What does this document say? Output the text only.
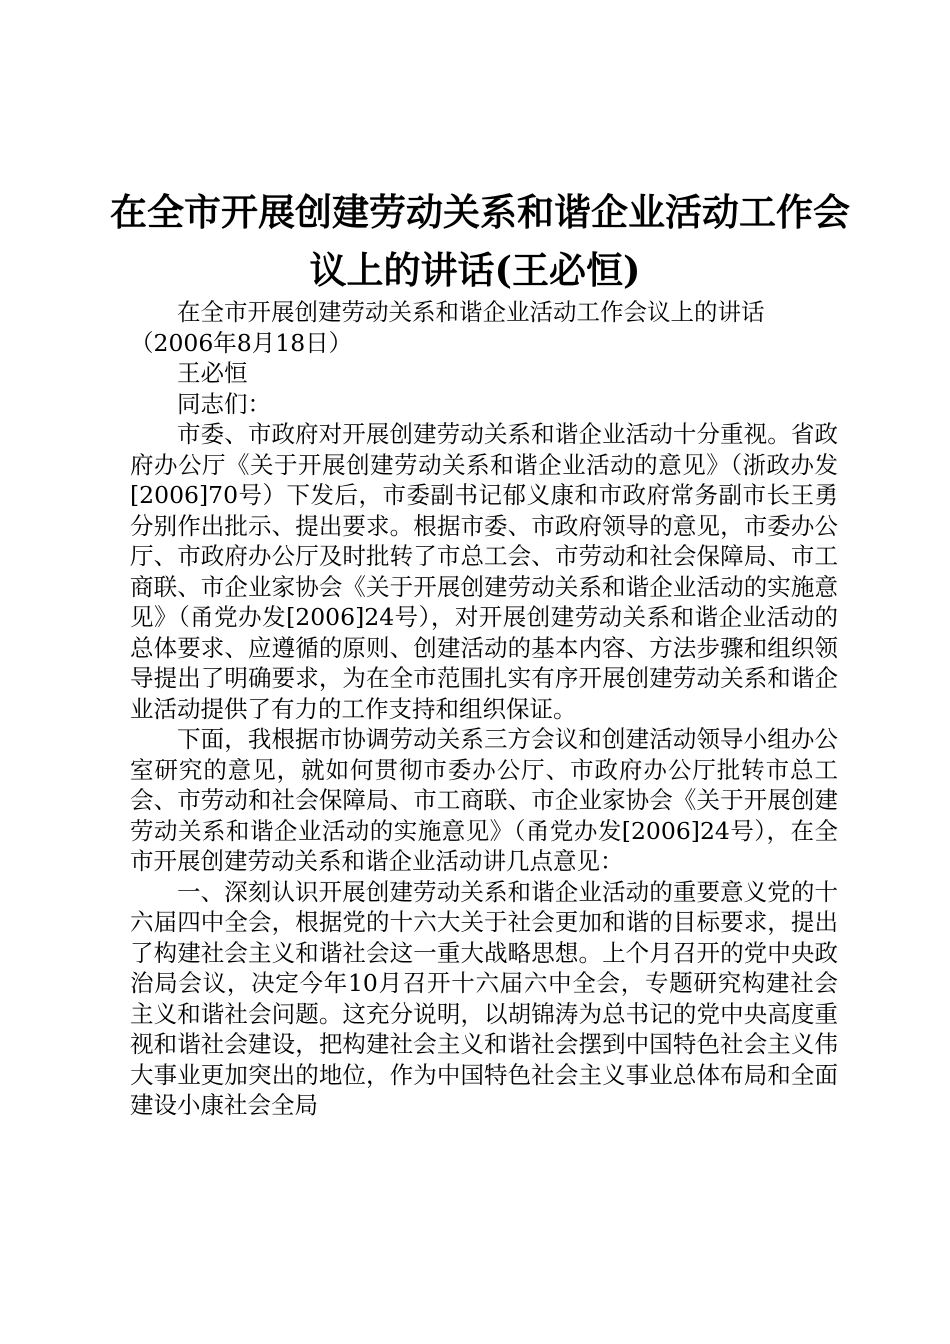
在全市开展创建劳动关系和谐企业活动工作会
议上的讲话(王必恒)

在全市开展创建劳动关系和谐企业活动工作会议上的讲话

（2006年8月18日）

王必恒

同志们：

市委、市政府对开展创建劳动关系和谐企业活动十分重视。省政府办公厅《关于开展创建劳动关系和谐企业活动的意见》（浙政办发[2006]70号）下发后，市委副书记郁义康和市政府常务副市长王勇分别作出批示、提出要求。根据市委、市政府领导的意见，市委办公厅、市政府办公厅及时批转了市总工会、市劳动和社会保障局、市工商联、市企业家协会《关于开展创建劳动关系和谐企业活动的实施意见》（甬党办发[2006]24号），对开展创建劳动关系和谐企业活动的总体要求、应遵循的原则、创建活动的基本内容、方法步骤和组织领导提出了明确要求，为在全市范围扎实有序开展创建劳动关系和谐企业活动提供了有力的工作支持和组织保证。

下面，我根据市协调劳动关系三方会议和创建活动领导小组办公室研究的意见，就如何贯彻市委办公厅、市政府办公厅批转市总工会、市劳动和社会保障局、市工商联、市企业家协会《关于开展创建劳动关系和谐企业活动的实施意见》（甬党办发[2006]24号），在全市开展创建劳动关系和谐企业活动讲几点意见：

一、深刻认识开展创建劳动关系和谐企业活动的重要意义党的十六届四中全会，根据党的十六大关于社会更加和谐的目标要求，提出了构建社会主义和谐社会这一重大战略思想。上个月召开的党中央政治局会议，决定今年10月召开十六届六中全会，专题研究构建社会主义和谐社会问题。这充分说明，以胡锦涛为总书记的党中央高度重视和谐社会建设，把构建社会主义和谐社会摆到中国特色社会主义伟大事业更加突出的地位，作为中国特色社会主义事业总体布局和全面建设小康社会全局
